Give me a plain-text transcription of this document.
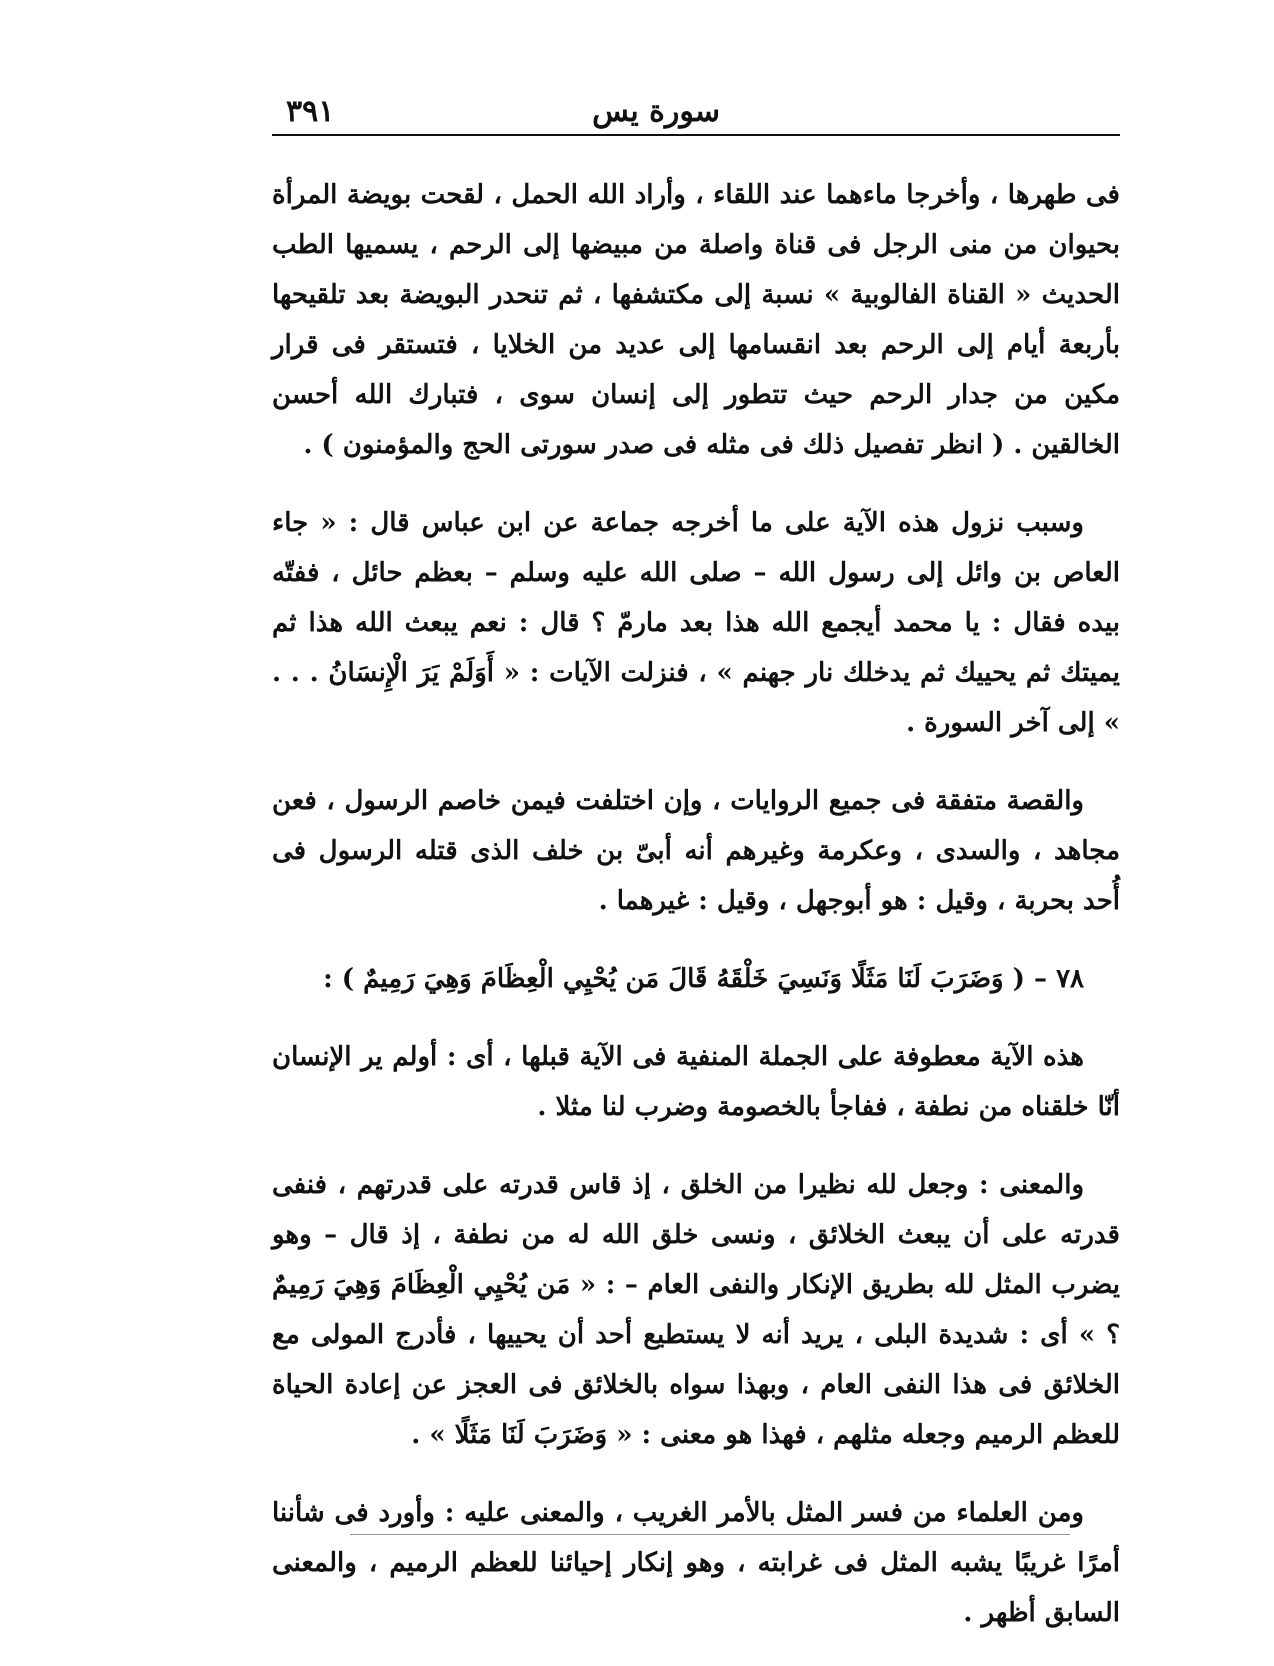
سورة يس
٣٩١

فى طهرها ، وأخرجا ماءهما عند اللقاء ، وأراد الله الحمل ، لقحت بويضة المرأة بحيوان من منى الرجل فى قناة واصلة من مبيضها إلى الرحم ، يسميها الطب الحديث « القناة الفالوبية » نسبة إلى مكتشفها ، ثم تنحدر البويضة بعد تلقيحها بأربعة أيام إلى الرحم بعد انقسامها إلى عديد من الخلايا ، فتستقر فى قرار مكين من جدار الرحم حيث تتطور إلى إنسان سوى ، فتبارك الله أحسن الخالقين . ( انظر تفصيل ذلك فى مثله فى صدر سورتى الحج والمؤمنون ) .

وسبب نزول هذه الآية على ما أخرجه جماعة عن ابن عباس قال : « جاء العاص بن وائل إلى رسول الله – صلى الله عليه وسلم – بعظم حائل ، ففتّه بيده فقال : يا محمد أيجمع الله هذا بعد مارمّ ؟ قال : نعم يبعث الله هذا ثم يميتك ثم يحييك ثم يدخلك نار جهنم » ، فنزلت الآيات : « أَوَلَمْ يَرَ الْإِنسَانُ . . . » إلى آخر السورة .

والقصة متفقة فى جميع الروايات ، وإن اختلفت فيمن خاصم الرسول ، فعن مجاهد ، والسدى ، وعكرمة وغيرهم أنه أبىّ بن خلف الذى قتله الرسول فى أُحد بحربة ، وقيل : هو أبوجهل ، وقيل : غيرهما .

٧٨ – ( وَضَرَبَ لَنَا مَثَلًا وَنَسِيَ خَلْقَهُ قَالَ مَن يُحْيِي الْعِظَامَ وَهِيَ رَمِيمٌ ) :

هذه الآية معطوفة على الجملة المنفية فى الآية قبلها ، أى : أولم ير الإنسان أنّا خلقناه من نطفة ، ففاجأ بالخصومة وضرب لنا مثلا .

والمعنى : وجعل لله نظيرا من الخلق ، إذ قاس قدرته على قدرتهم ، فنفى قدرته على أن يبعث الخلائق ، ونسى خلق الله له من نطفة ، إذ قال – وهو يضرب المثل لله بطريق الإنكار والنفى العام – : « مَن يُحْيِي الْعِظَامَ وَهِيَ رَمِيمٌ ؟ » أى : شديدة البلى ، يريد أنه لا يستطيع أحد أن يحييها ، فأدرج المولى مع الخلائق فى هذا النفى العام ، وبهذا سواه بالخلائق فى العجز عن إعادة الحياة للعظم الرميم وجعله مثلهم ، فهذا هو معنى : « وَضَرَبَ لَنَا مَثَلًا » .

ومن العلماء من فسر المثل بالأمر الغريب ، والمعنى عليه : وأورد فى شأننا أمرًا غريبًا يشبه المثل فى غرابته ، وهو إنكار إحيائنا للعظم الرميم ، والمعنى السابق أظهر .
